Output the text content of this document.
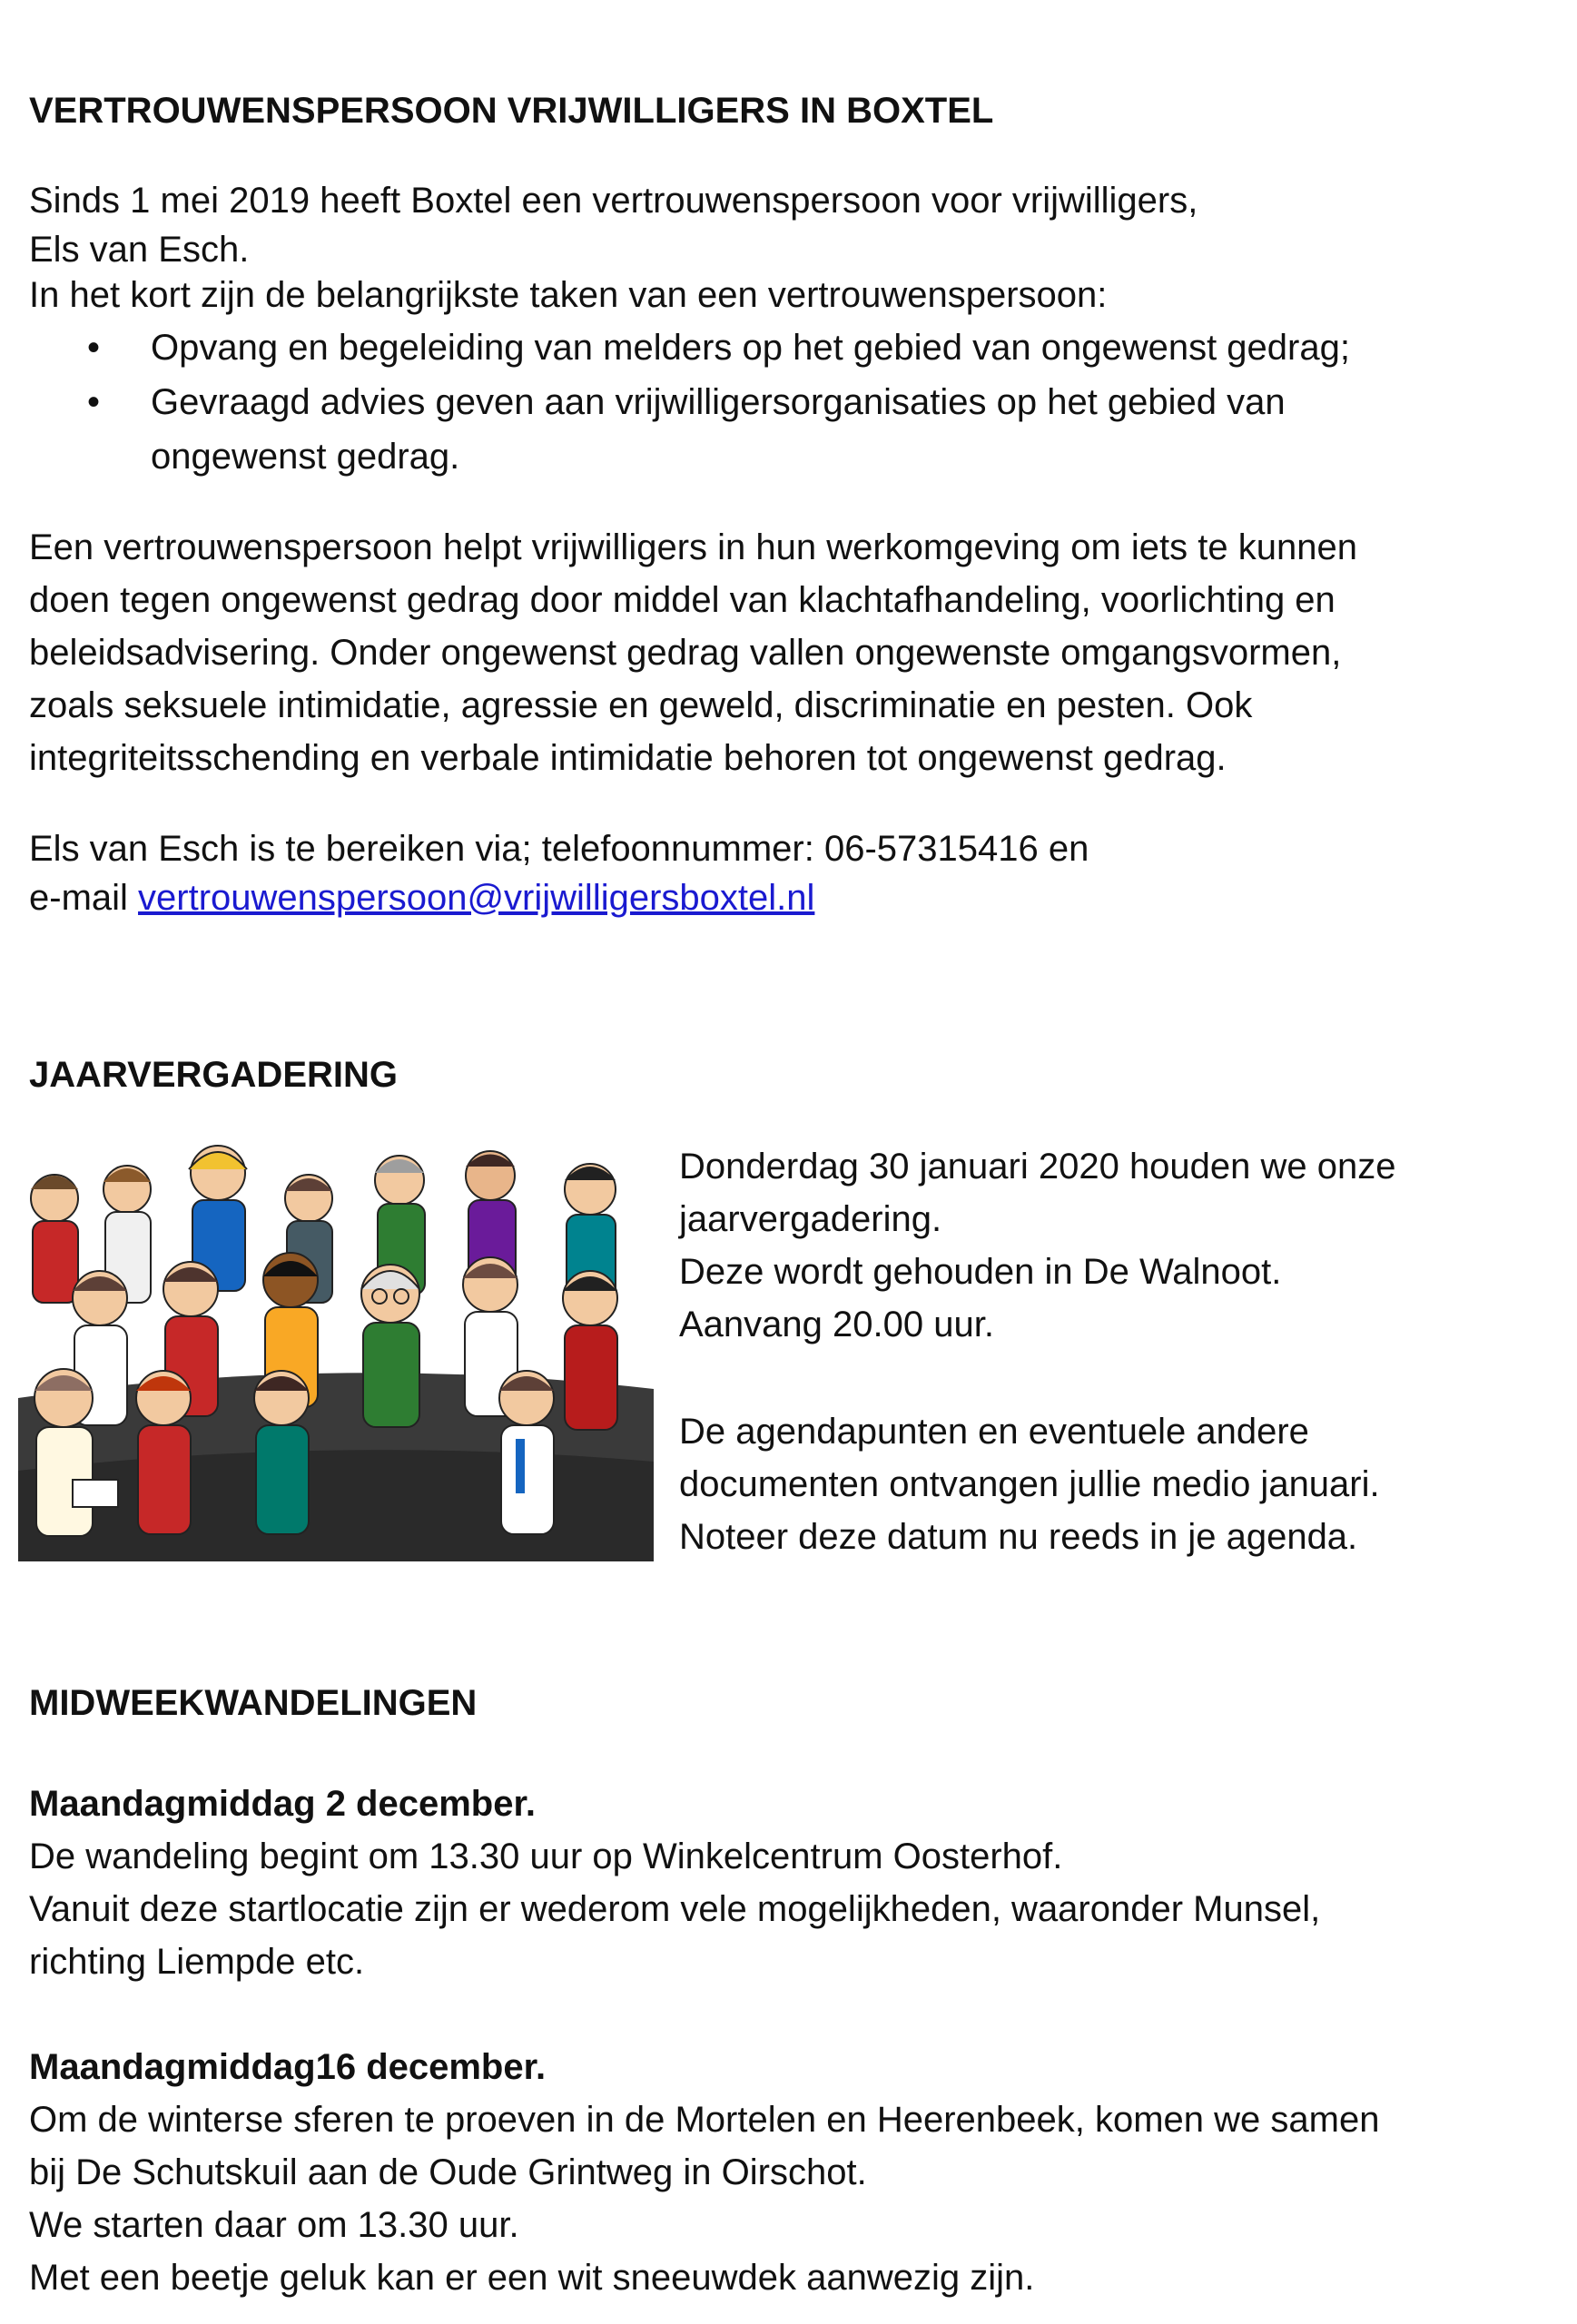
VERTROUWENSPERSOON VRIJWILLIGERS IN BOXTEL
Sinds 1 mei 2019 heeft Boxtel een vertrouwenspersoon voor vrijwilligers,
Els van Esch.
In het kort zijn de belangrijkste taken van een vertrouwenspersoon:
• Opvang en begeleiding van melders op het gebied van ongewenst gedrag;
• Gevraagd advies geven aan vrijwilligersorganisaties op het gebied van
ongewenst gedrag.
Een vertrouwenspersoon helpt vrijwilligers in hun werkomgeving om iets te kunnen
doen tegen ongewenst gedrag door middel van klachtafhandeling, voorlichting en
beleidsadvisering. Onder ongewenst gedrag vallen ongewenste omgangsvormen,
zoals seksuele intimidatie, agressie en geweld, discriminatie en pesten. Ook
integriteitsschending en verbale intimidatie behoren tot ongewenst gedrag.
Els van Esch is te bereiken via; telefoonnummer: 06-57315416 en
e-mail vertrouwenspersoon@vrijwilligersboxtel.nl
JAARVERGADERING
Donderdag 30 januari 2020 houden we onze
jaarvergadering.
Deze wordt gehouden in De Walnoot.
Aanvang 20.00 uur.
De agendapunten en eventuele andere
documenten ontvangen jullie medio januari.
Noteer deze datum nu reeds in je agenda.
MIDWEEKWANDELINGEN
Maandagmiddag 2 december.
De wandeling begint om 13.30 uur op Winkelcentrum Oosterhof.
Vanuit deze startlocatie zijn er wederom vele mogelijkheden, waaronder Munsel,
richting Liempde etc.
Maandagmiddag16 december.
Om de winterse sferen te proeven in de Mortelen en Heerenbeek, komen we samen
bij De Schutskuil aan de Oude Grintweg in Oirschot.
We starten daar om 13.30 uur.
Met een beetje geluk kan er een wit sneeuwdek aanwezig zijn.
